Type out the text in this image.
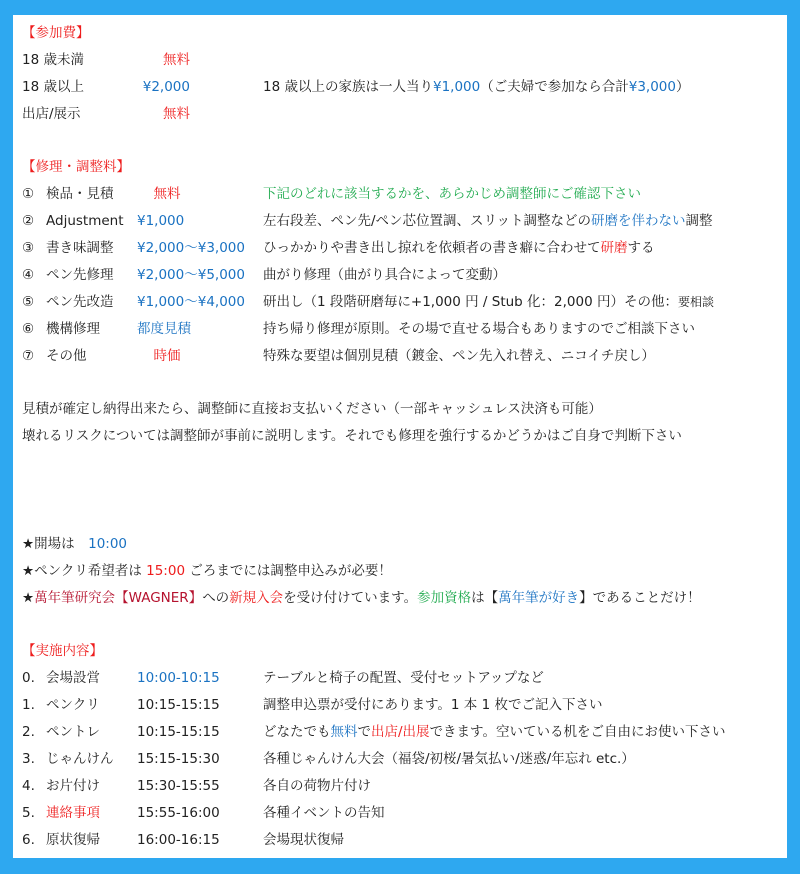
【参加費】
18 歳未満	無料
18 歳以上	¥2,000	18 歳以上の家族は一人当り¥1,000（ご夫婦で参加なら合計¥3,000）
出店/展示	無料
【修理・調整料】
① 検品・見積	無料	下記のどれに該当するかを、あらかじめ調整師にご確認下さい
② Adjustment ¥1,000	左右段差、ペン先/ペン芯位置調、スリット調整などの研磨を伴わない調整
③ 書き味調整 ¥2,000～¥3,000 ひっかかりや書き出し掠れを依頼者の書き癖に合わせて研磨する
④ ペン先修理 ¥2,000～¥5,000 曲がり修理（曲がり具合によって変動）
⑤ ペン先改造 ¥1,000～¥4,000 研出し（1 段階研磨毎に+1,000 円 / Stub 化：2,000 円）その他：要相談
⑥ 機構修理	都度見積	持ち帰り修理が原則。その場で直せる場合もありますのでご相談下さい
⑦ その他	時価	特殊な要望は個別見積（鍍金、ペン先入れ替え、ニコイチ戻し）
見積が確定し納得出来たら、調整師に直接お支払いください（一部キャッシュレス決済も可能）
壊れるリスクについては調整師が事前に説明します。それでも修理を強行するかどうかはご自身で判断下さい
★開場は　10:00
★ペンクリ希望者は 15:00 ごろまでには調整申込みが必要！
★萬年筆研究会【WAGNER】への新規入会を受け付けています。参加資格は【萬年筆が好き】であることだけ！
【実施内容】
0. 会場設営	10:00-10:15	テーブルと椅子の配置、受付セットアップなど
1. ペンクリ	10:15-15:15	調整申込票が受付にあります。1 本 1 枚でご記入下さい
2. ペントレ	10:15-15:15	どなたでも無料で出店/出展できます。空いている机をご自由にお使い下さい
3. じゃんけん 15:15-15:30	各種じゃんけん大会（福袋/初桜/暑気払い/迷惑/年忘れ etc.）
4. お片付け	15:30-15:55	各自の荷物片付け
5. 連絡事項	15:55-16:00	各種イベントの告知
6. 原状復帰	16:00-16:15	会場現状復帰
